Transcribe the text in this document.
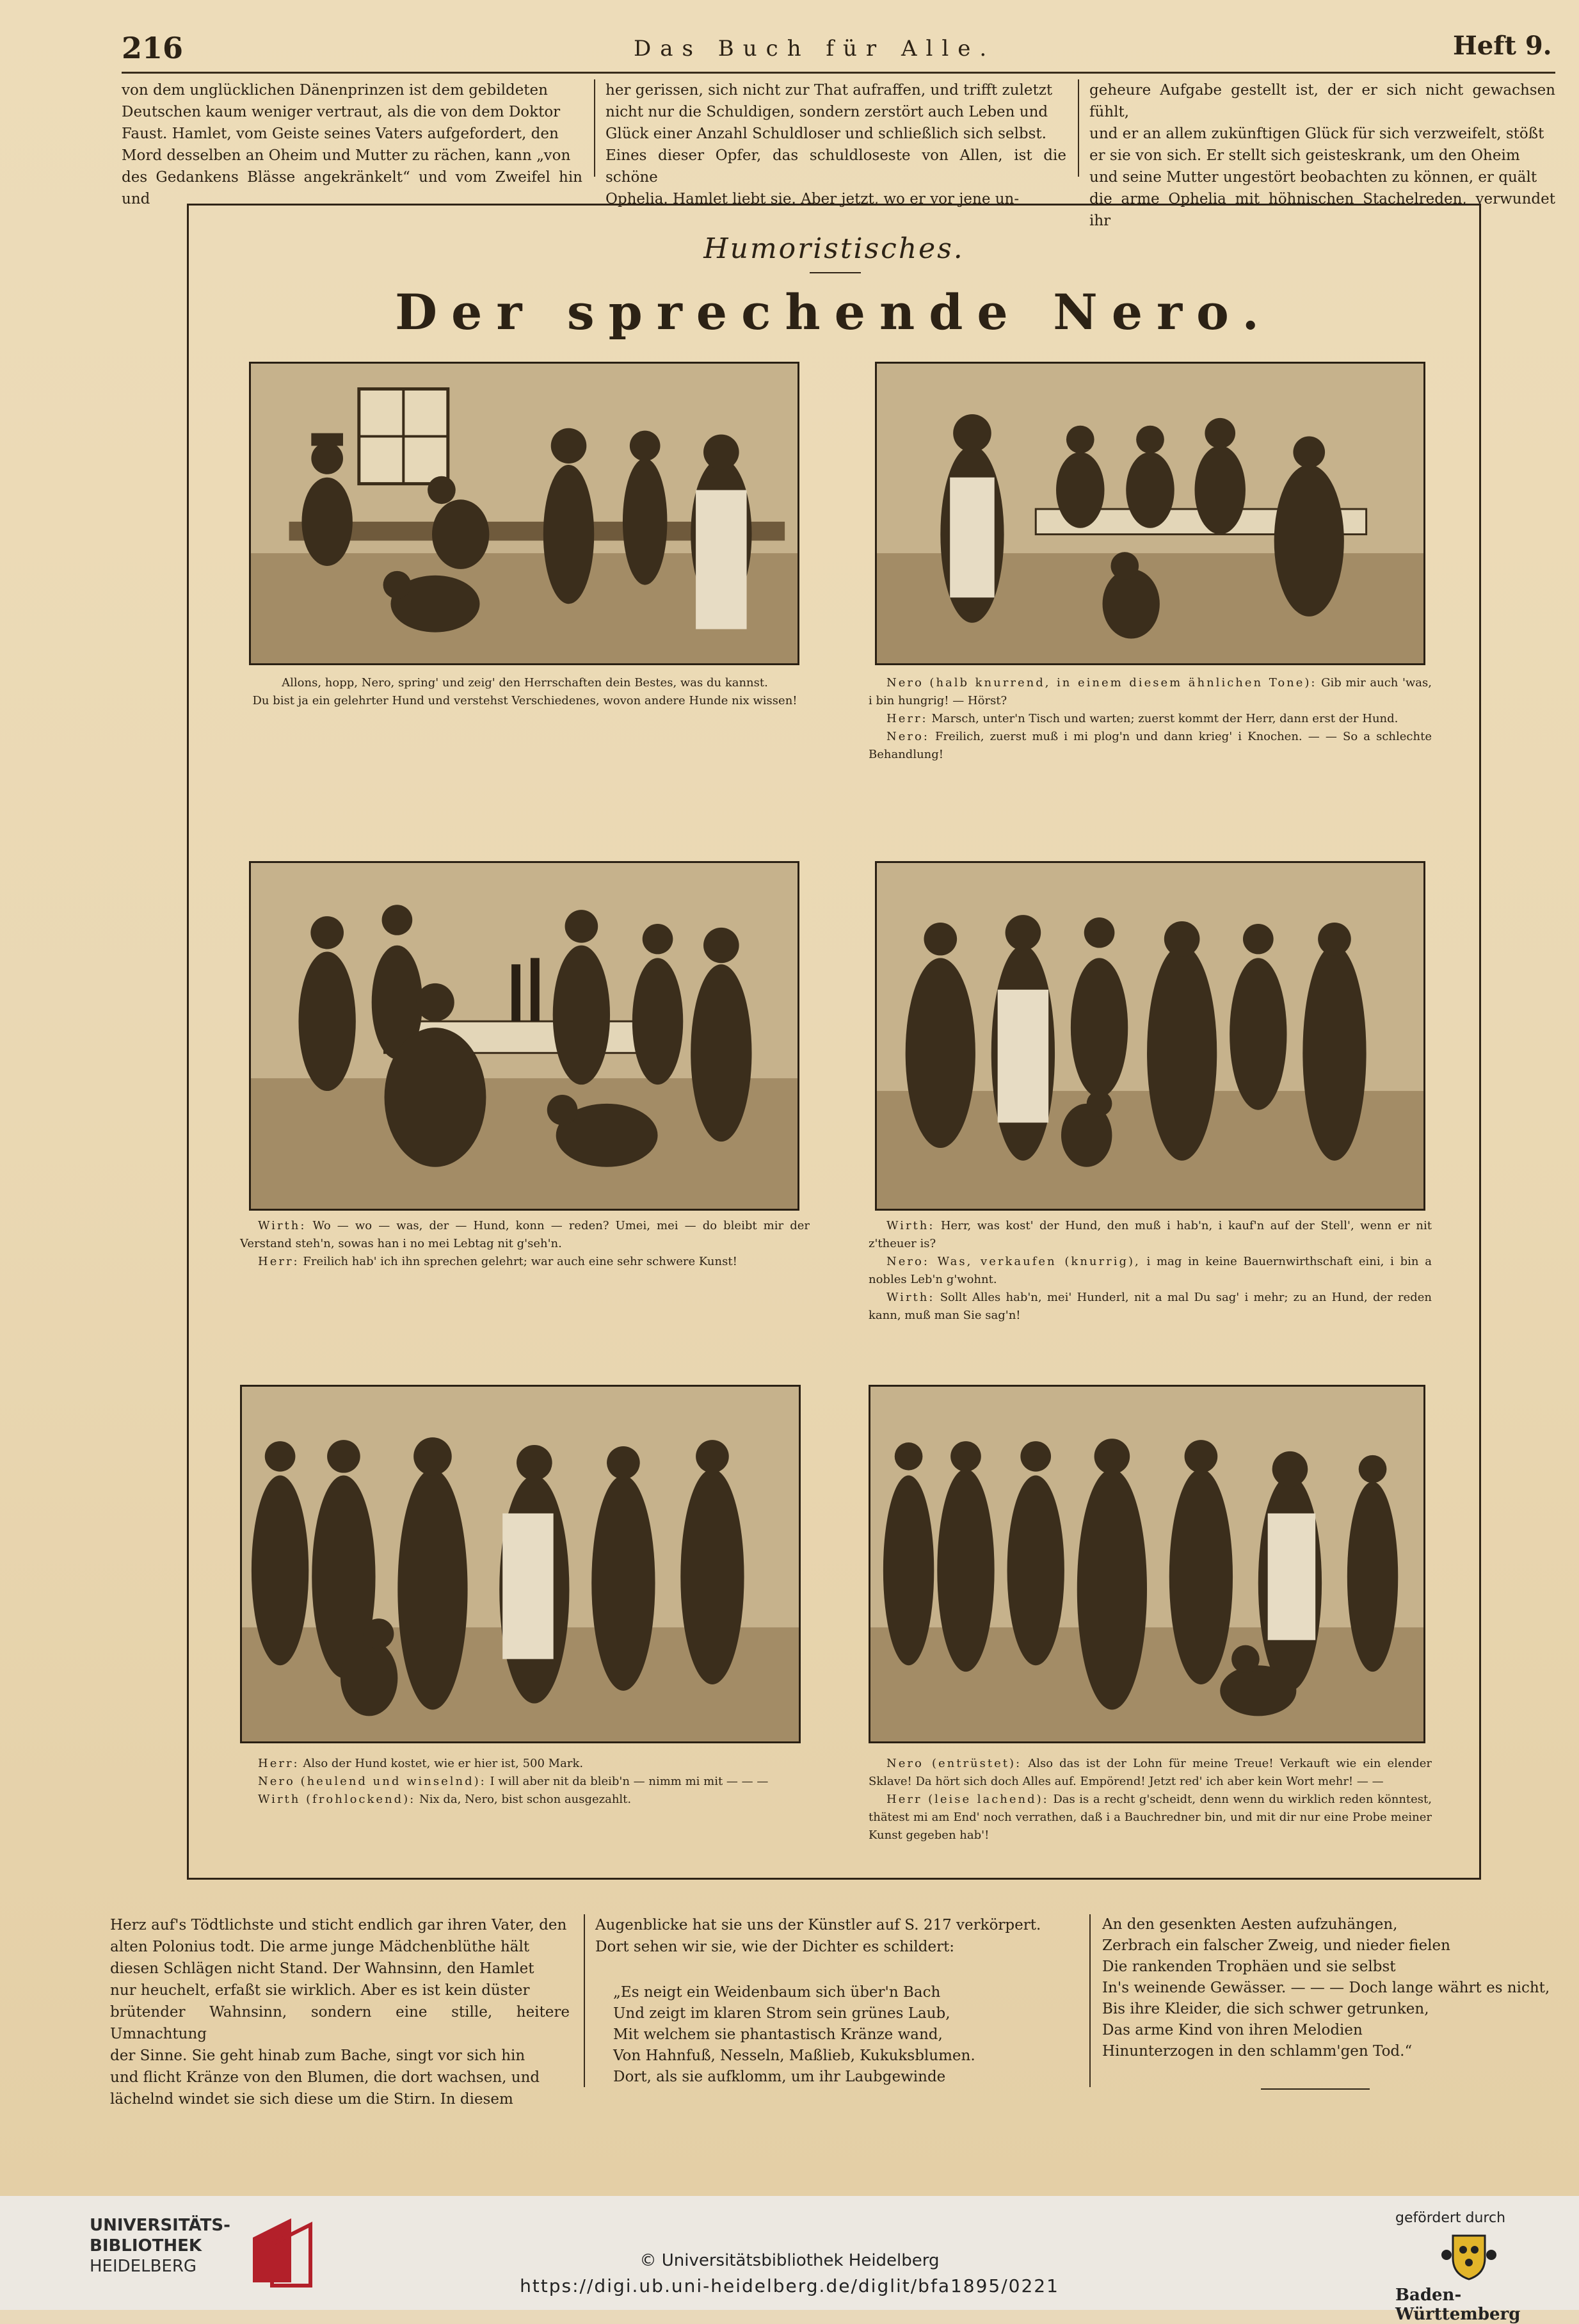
216	Das Buch für Alle.	Heft 9.

von dem unglücklichen Dänenprinzen ist dem gebildeten
Deutschen kaum weniger vertraut, als die von dem Doktor
Faust. Hamlet, vom Geiste seines Vaters aufgefordert, den
Mord desselben an Oheim und Mutter zu rächen, kann „von
des Gedankens Blässe angekränkelt“ und vom Zweifel hin und

her gerissen, sich nicht zur That aufraffen, und trifft zuletzt
nicht nur die Schuldigen, sondern zerstört auch Leben und
Glück einer Anzahl Schuldloser und schließlich sich selbst.
Eines dieser Opfer, das schuldloseste von Allen, ist die schöne
Ophelia. Hamlet liebt sie. Aber jetzt, wo er vor jene un-

geheure Aufgabe gestellt ist, der er sich nicht gewachsen fühlt,
und er an allem zukünftigen Glück für sich verzweifelt, stößt
er sie von sich. Er stellt sich geisteskrank, um den Oheim
und seine Mutter ungestört beobachten zu können, er quält
die arme Ophelia mit höhnischen Stachelreden, verwundet ihr

Humoristisches.
Der sprechende Nero.

Allons, hopp, Nero, spring' und zeig' den Herrschaften dein Bestes, was du kannst.

Du bist ja ein gelehrter Hund und verstehst Verschiedenes, wovon andere Hunde nix wissen!

Nero (halb knurrend, in einem diesem ähnlichen Tone): Gib mir auch 'was, i bin hungrig! — Hörst?

Herr: Marsch, unter'n Tisch und warten; zuerst kommt der Herr, dann erst der Hund.

Nero: Freilich, zuerst muß i mi plog'n und dann krieg' i Knochen. — — So a schlechte Behandlung!

Wirth: Wo — wo — was, der — Hund, konn — reden? Umei, mei — do bleibt mir der Verstand steh'n, sowas han i no mei Lebtag nit g'seh'n.

Herr: Freilich hab' ich ihn sprechen gelehrt; war auch eine sehr schwere Kunst!

Wirth: Herr, was kost' der Hund, den muß i hab'n, i kauf'n auf der Stell', wenn er nit z'theuer is?

Nero: Was, verkaufen (knurrig), i mag in keine Bauernwirthschaft eini, i bin a nobles Leb'n g'wohnt.

Wirth: Sollt Alles hab'n, mei' Hunderl, nit a mal Du sag' i mehr; zu an Hund, der reden kann, muß man Sie sag'n!

Herr: Also der Hund kostet, wie er hier ist, 500 Mark.

Nero (heulend und winselnd): I will aber nit da bleib'n — nimm mi mit — — —

Wirth (frohlockend): Nix da, Nero, bist schon ausgezahlt.

Nero (entrüstet): Also das ist der Lohn für meine Treue! Verkauft wie ein elender Sklave! Da hört sich doch Alles auf. Empörend! Jetzt red' ich aber kein Wort mehr! — —

Herr (leise lachend): Das is a recht g'scheidt, denn wenn du wirklich reden könntest, thätest mi am End' noch verrathen, daß i a Bauchredner bin, und mit dir nur eine Probe meiner Kunst gegeben hab'!

Herz auf's Tödtlichste und sticht endlich gar ihren Vater, den
alten Polonius todt. Die arme junge Mädchenblüthe hält
diesen Schlägen nicht Stand. Der Wahnsinn, den Hamlet
nur heuchelt, erfaßt sie wirklich. Aber es ist kein düster
brütender Wahnsinn, sondern eine stille, heitere Umnachtung
der Sinne. Sie geht hinab zum Bache, singt vor sich hin
und flicht Kränze von den Blumen, die dort wachsen, und
lächelnd windet sie sich diese um die Stirn. In diesem

Augenblicke hat sie uns der Künstler auf S. 217 verkörpert.
Dort sehen wir sie, wie der Dichter es schildert:

„Es neigt ein Weidenbaum sich über'n Bach
Und zeigt im klaren Strom sein grünes Laub,
Mit welchem sie phantastisch Kränze wand,
Von Hahnfuß, Nesseln, Maßlieb, Kukuksblumen.
Dort, als sie aufklomm, um ihr Laubgewinde

An den gesenkten Aesten aufzuhängen,
Zerbrach ein falscher Zweig, und nieder fielen
Die rankenden Trophäen und sie selbst
In's weinende Gewässer. — — — Doch lange währt es nicht,
Bis ihre Kleider, die sich schwer getrunken,
Das arme Kind von ihren Melodien
Hinunterzogen in den schlamm'gen Tod.“

UNIVERSITÄTS-
BIBLIOTHEK
HEIDELBERG	© Universitätsbibliothek Heidelberg
https://digi.ub.uni-heidelberg.de/diglit/bfa1895/0221
gefördert durch
Baden-Württemberg
